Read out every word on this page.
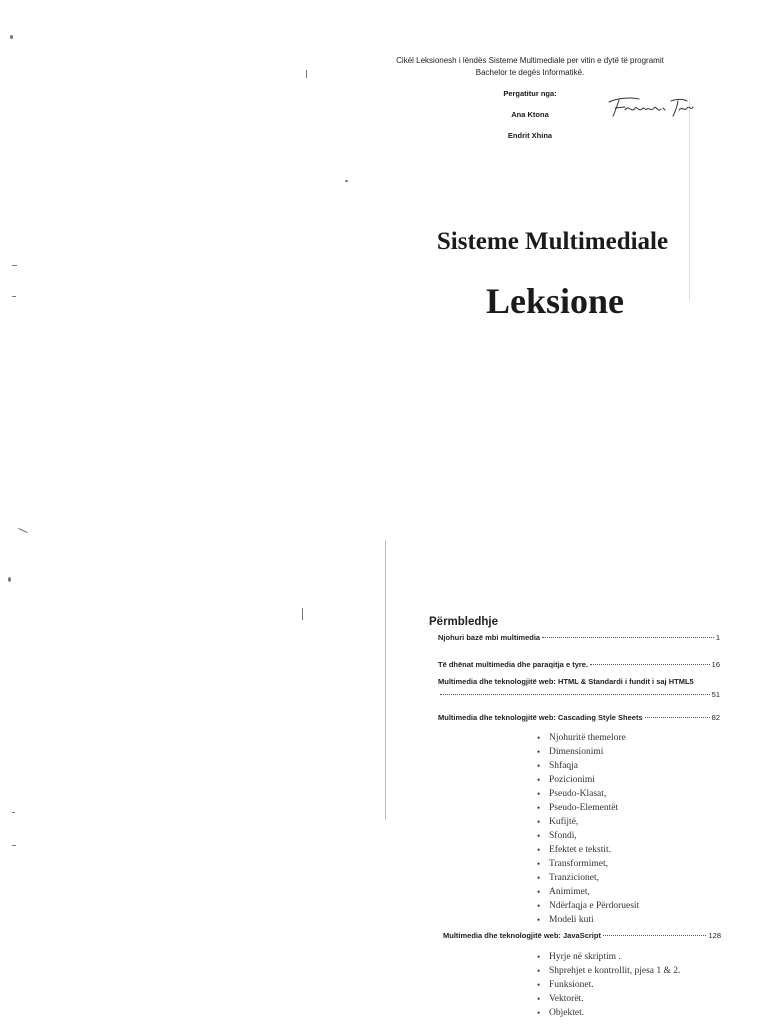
Cikël Leksionesh i lëndës Sisteme Multimediale per vitin e dytë të programit
Bachelor te degës Informatikë.
Pergatitur nga:
Ana Ktona
Endrit Xhina
Sisteme Multimediale
Leksione
Përmbledhje
Njohuri bazë mbi multimedia	1
Të dhënat multimedia dhe paraqitja e tyre.	16
Multimedia dhe teknologjitë web: HTML & Standardi i fundit i saj HTML5
51
Multimedia dhe teknologjitë web: Cascading Style Sheets	82
• Njohuritë themelore
• Dimensionimi
• Shfaqja
• Pozicionimi
• Pseudo-Klasat,
• Pseudo-Elementët
• Kufijtë,
• Sfondi,
• Efektet e tekstit.
• Transformimet,
• Tranzicionet,
• Animimet,
• Ndërfaqja e Përdoruesit
• Modeli kuti
Multimedia dhe teknologjitë web: JavaScript	128
• Hyrje në skriptim .
• Shprehjet e kontrollit, pjesa 1 & 2.
• Funksionet.
• Vektorët.
• Objektet.
